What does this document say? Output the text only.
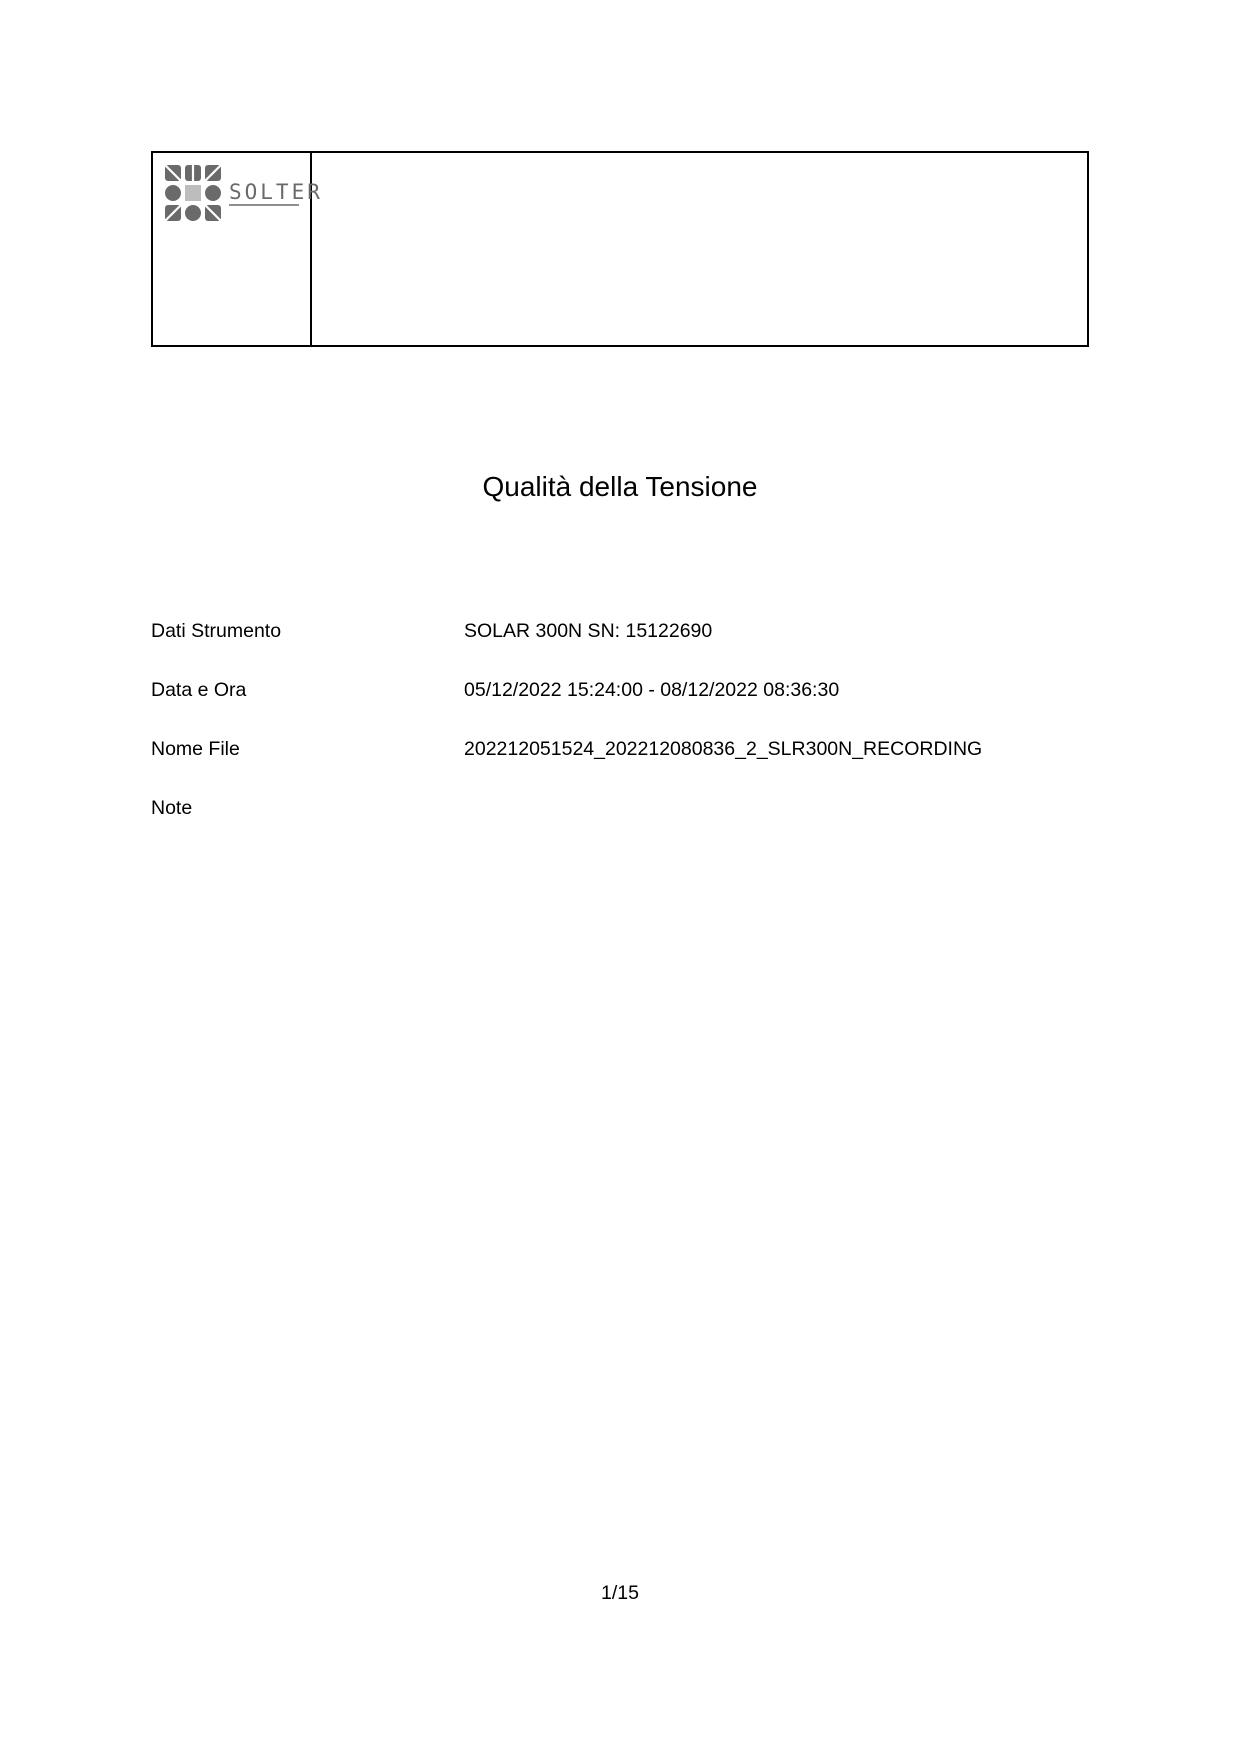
SOLTER
Qualità della Tensione
Dati Strumento	SOLAR 300N SN: 15122690
Data e Ora	05/12/2022 15:24:00 - 08/12/2022 08:36:30
Nome File	202212051524_202212080836_2_SLR300N_RECORDING
Note
1/15
